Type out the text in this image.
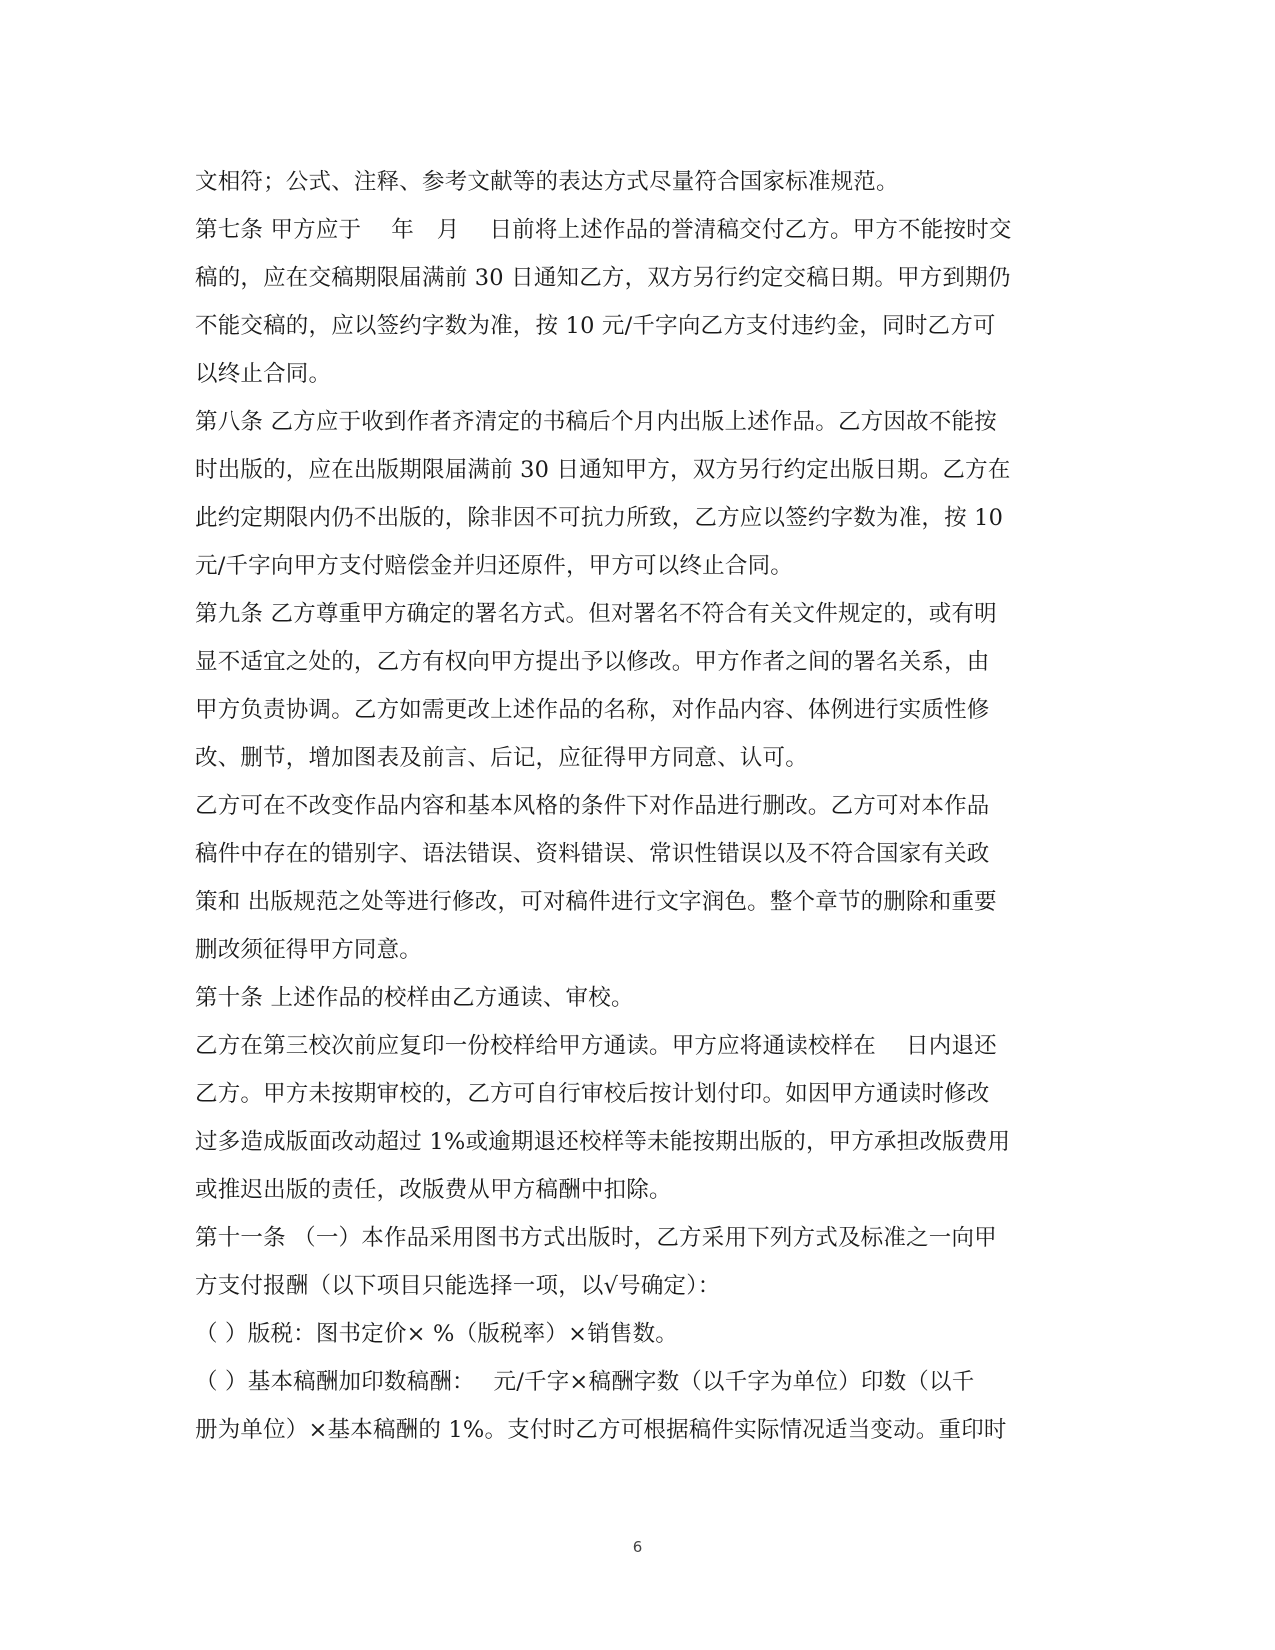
文相符；公式、注释、参考文献等的表达方式尽量符合国家标准规范。
第七条 甲方应于　 年　月　 日前将上述作品的誉清稿交付乙方。甲方不能按时交
稿的，应在交稿期限届满前 30 日通知乙方，双方另行约定交稿日期。甲方到期仍
不能交稿的，应以签约字数为准，按 10 元/千字向乙方支付违约金，同时乙方可
以终止合同。
第八条 乙方应于收到作者齐清定的书稿后个月内出版上述作品。乙方因故不能按
时出版的，应在出版期限届满前 30 日通知甲方，双方另行约定出版日期。乙方在
此约定期限内仍不出版的，除非因不可抗力所致，乙方应以签约字数为准，按 10
元/千字向甲方支付赔偿金并归还原件，甲方可以终止合同。
第九条 乙方尊重甲方确定的署名方式。但对署名不符合有关文件规定的，或有明
显不适宜之处的，乙方有权向甲方提出予以修改。甲方作者之间的署名关系，由
甲方负责协调。乙方如需更改上述作品的名称，对作品内容、体例进行实质性修
改、删节，增加图表及前言、后记，应征得甲方同意、认可。
乙方可在不改变作品内容和基本风格的条件下对作品进行删改。乙方可对本作品
稿件中存在的错别字、语法错误、资料错误、常识性错误以及不符合国家有关政
策和 出版规范之处等进行修改，可对稿件进行文字润色。整个章节的删除和重要
删改须征得甲方同意。
第十条 上述作品的校样由乙方通读、审校。
乙方在第三校次前应复印一份校样给甲方通读。甲方应将通读校样在　 日内退还
乙方。甲方未按期审校的，乙方可自行审校后按计划付印。如因甲方通读时修改
过多造成版面改动超过 1%或逾期退还校样等未能按期出版的，甲方承担改版费用
或推迟出版的责任，改版费从甲方稿酬中扣除。
第十一条 （一）本作品采用图书方式出版时，乙方采用下列方式及标准之一向甲
方支付报酬（以下项目只能选择一项，以√号确定）：
（ ）版税：图书定价× %（版税率）×销售数。
（ ）基本稿酬加印数稿酬：　 元/千字×稿酬字数（以千字为单位）印数（以千
册为单位）×基本稿酬的 1%。支付时乙方可根据稿件实际情况适当变动。重印时
6
